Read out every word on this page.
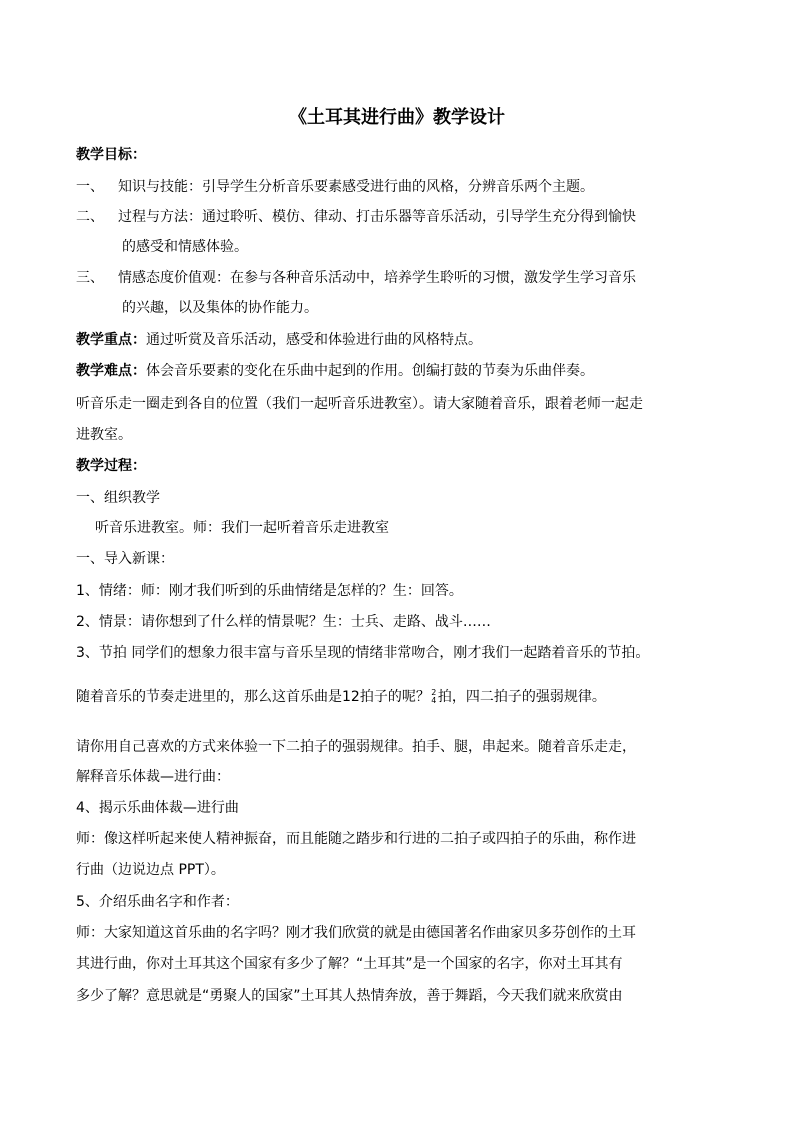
《土耳其进行曲》教学设计
教学目标：
一、 知识与技能：引导学生分析音乐要素感受进行曲的风格，分辨音乐两个主题。
二、 过程与方法：通过聆听、模仿、律动、打击乐器等音乐活动，引导学生充分得到愉快
的感受和情感体验。
三、 情感态度价值观：在参与各种音乐活动中，培养学生聆听的习惯，激发学生学习音乐
的兴趣，以及集体的协作能力。
教学重点：通过听赏及音乐活动，感受和体验进行曲的风格特点。
教学难点：体会音乐要素的变化在乐曲中起到的作用。创编打鼓的节奏为乐曲伴奏。
听音乐走一圈走到各自的位置（我们一起听音乐进教室）。请大家随着音乐，跟着老师一起走
进教室。
教学过程：
一、组织教学
听音乐进教室。师：我们一起听着音乐走进教室
一、导入新课：
1、情绪：师：刚才我们听到的乐曲情绪是怎样的？生：回答。
2、情景：请你想到了什么样的情景呢？生：士兵、走路、战斗……
3、节拍 同学们的想象力很丰富与音乐呈现的情绪非常吻合，刚才我们一起踏着音乐的节拍。
随着音乐的节奏走进里的，那么这首乐曲是12拍子的呢？ 2
4 拍，四二拍子的强弱规律。
请你用自己喜欢的方式来体验一下二拍子的强弱规律。拍手、腿，串起来。随着音乐走走，
解释音乐体裁—进行曲：
4、揭示乐曲体裁—进行曲
师：像这样听起来使人精神振奋，而且能随之踏步和行进的二拍子或四拍子的乐曲，称作进
行曲（边说边点 PPT）。
5、介绍乐曲名字和作者：
师：大家知道这首乐曲的名字吗？刚才我们欣赏的就是由德国著名作曲家贝多芬创作的土耳
其进行曲，你对土耳其这个国家有多少了解？“土耳其”是一个国家的名字，你对土耳其有
多少了解？意思就是“勇聚人的国家”土耳其人热情奔放，善于舞蹈，今天我们就来欣赏由
